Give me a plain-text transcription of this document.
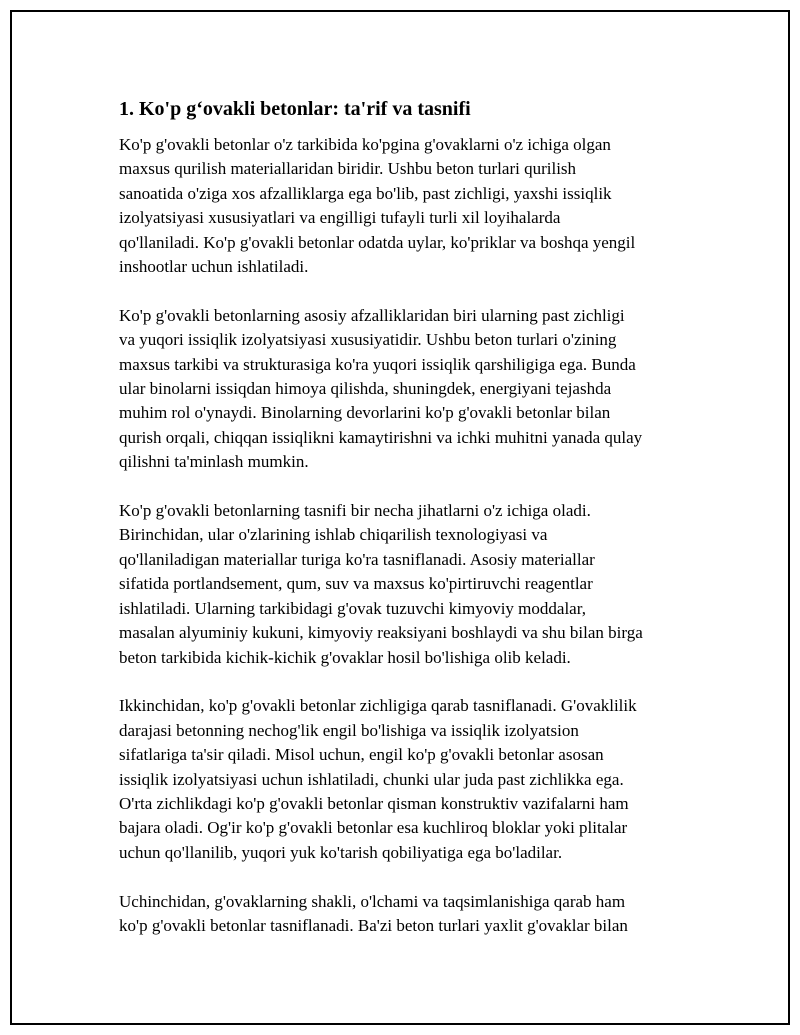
1. Ko'p g‘ovakli betonlar: ta'rif va tasnifi

Ko'p g'ovakli betonlar o'z tarkibida ko'pgina g'ovaklarni o'z ichiga olgan
maxsus qurilish materiallaridan biridir. Ushbu beton turlari qurilish
sanoatida o'ziga xos afzalliklarga ega bo'lib, past zichligi, yaxshi issiqlik
izolyatsiyasi xususiyatlari va engilligi tufayli turli xil loyihalarda
qo'llaniladi. Ko'p g'ovakli betonlar odatda uylar, ko'priklar va boshqa yengil
inshootlar uchun ishlatiladi.

Ko'p g'ovakli betonlarning asosiy afzalliklaridan biri ularning past zichligi
va yuqori issiqlik izolyatsiyasi xususiyatidir. Ushbu beton turlari o'zining
maxsus tarkibi va strukturasiga ko'ra yuqori issiqlik qarshiligiga ega. Bunda
ular binolarni issiqdan himoya qilishda, shuningdek, energiyani tejashda
muhim rol o'ynaydi. Binolarning devorlarini ko'p g'ovakli betonlar bilan
qurish orqali, chiqqan issiqlikni kamaytirishni va ichki muhitni yanada qulay
qilishni ta'minlash mumkin.

Ko'p g'ovakli betonlarning tasnifi bir necha jihatlarni o'z ichiga oladi.
Birinchidan, ular o'zlarining ishlab chiqarilish texnologiyasi va
qo'llaniladigan materiallar turiga ko'ra tasniflanadi. Asosiy materiallar
sifatida portlandsement, qum, suv va maxsus ko'pirtiruvchi reagentlar
ishlatiladi. Ularning tarkibidagi g'ovak tuzuvchi kimyoviy moddalar,
masalan alyuminiy kukuni, kimyoviy reaksiyani boshlaydi va shu bilan birga
beton tarkibida kichik-kichik g'ovaklar hosil bo'lishiga olib keladi.

Ikkinchidan, ko'p g'ovakli betonlar zichligiga qarab tasniflanadi. G'ovaklilik
darajasi betonning nechog'lik engil bo'lishiga va issiqlik izolyatsion
sifatlariga ta'sir qiladi. Misol uchun, engil ko'p g'ovakli betonlar asosan
issiqlik izolyatsiyasi uchun ishlatiladi, chunki ular juda past zichlikka ega.
O'rta zichlikdagi ko'p g'ovakli betonlar qisman konstruktiv vazifalarni ham
bajara oladi. Og'ir ko'p g'ovakli betonlar esa kuchliroq bloklar yoki plitalar
uchun qo'llanilib, yuqori yuk ko'tarish qobiliyatiga ega bo'ladilar.

Uchinchidan, g'ovaklarning shakli, o'lchami va taqsimlanishiga qarab ham
ko'p g'ovakli betonlar tasniflanadi. Ba'zi beton turlari yaxlit g'ovaklar bilan
